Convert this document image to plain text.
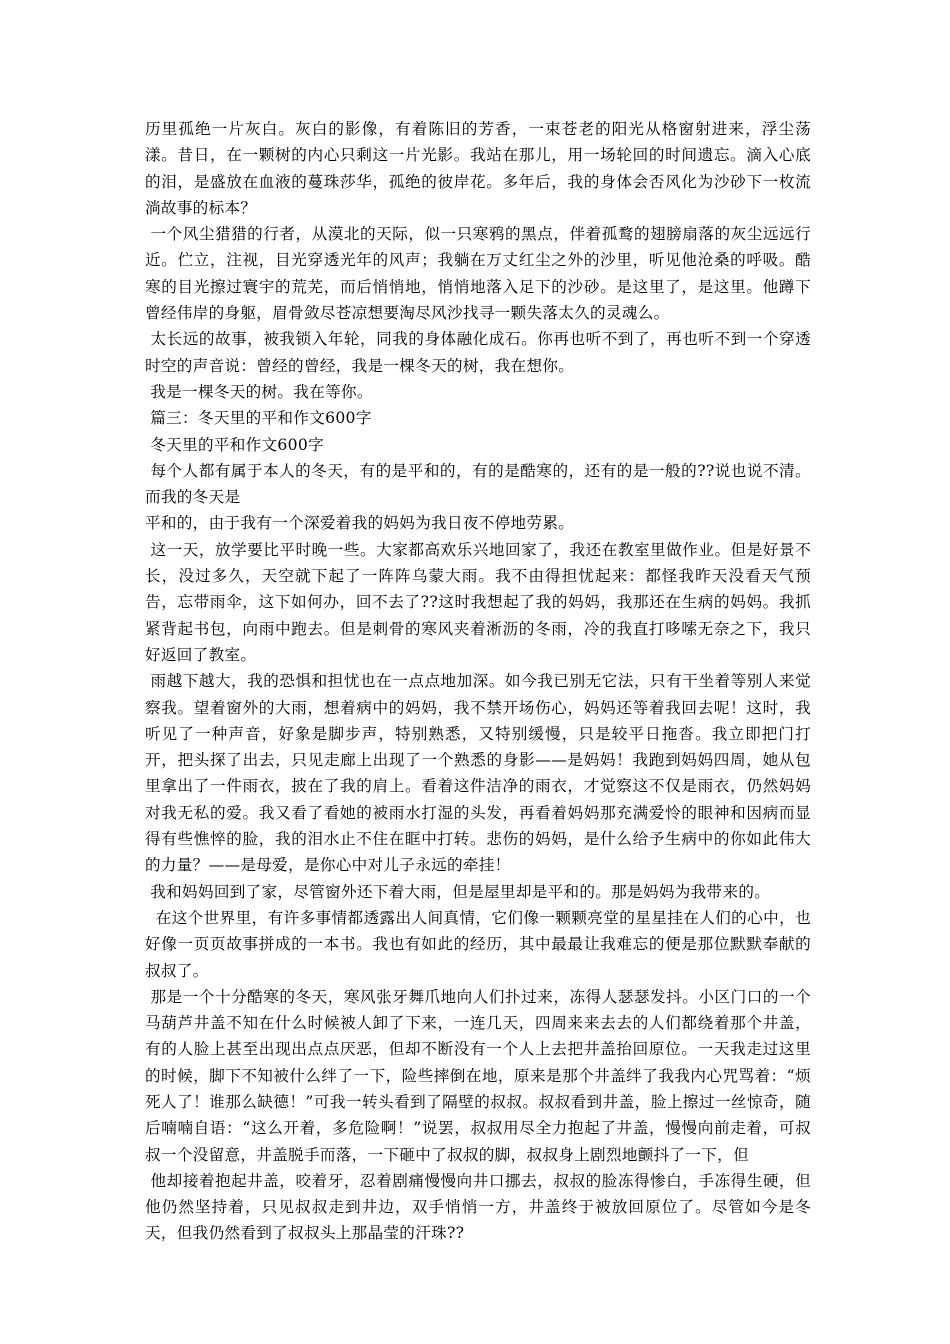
历里孤绝一片灰白。灰白的影像，有着陈旧的芳香，一束苍老的阳光从格窗射进来，浮尘荡漾。昔日，在一颗树的内心只剩这一片光影。我站在那儿，用一场轮回的时间遗忘。滴入心底的泪，是盛放在血液的蔓珠莎华，孤绝的彼岸花。多年后，我的身体会否风化为沙砂下一枚流淌故事的标本？

一个风尘猎猎的行者，从漠北的天际，似一只寒鸦的黑点，伴着孤鹜的翅膀扇落的灰尘远远行近。伫立，注视，目光穿透光年的风声；我躺在万丈红尘之外的沙里，听见他沧桑的呼吸。酷寒的目光擦过寰宇的荒芜，而后悄悄地，悄悄地落入足下的沙砂。是这里了，是这里。他蹲下曾经伟岸的身躯，眉骨敛尽苍凉想要淘尽风沙找寻一颗失落太久的灵魂么。

太长远的故事，被我锁入年轮，同我的身体融化成石。你再也听不到了，再也听不到一个穿透时空的声音说：曾经的曾经，我是一棵冬天的树，我在想你。

我是一棵冬天的树。我在等你。

篇三：冬天里的平和作文600字

冬天里的平和作文600字

每个人都有属于本人的冬天，有的是平和的，有的是酷寒的，还有的是一般的??说也说不清。而我的冬天是

平和的，由于我有一个深爱着我的妈妈为我日夜不停地劳累。

这一天，放学要比平时晚一些。大家都高欢乐兴地回家了，我还在教室里做作业。但是好景不长，没过多久，天空就下起了一阵阵乌蒙大雨。我不由得担忧起来：都怪我昨天没看天气预告，忘带雨伞，这下如何办，回不去了??这时我想起了我的妈妈，我那还在生病的妈妈。我抓紧背起书包，向雨中跑去。但是刺骨的寒风夹着淅沥的冬雨，冷的我直打哆嗦无奈之下，我只好返回了教室。

雨越下越大，我的恐惧和担忧也在一点点地加深。如今我已别无它法，只有干坐着等别人来觉察我。望着窗外的大雨，想着病中的妈妈，我不禁开场伤心，妈妈还等着我回去呢！这时，我听见了一种声音，好象是脚步声，特别熟悉，又特别缓慢，只是较平日拖沓。我立即把门打开，把头探了出去，只见走廊上出现了一个熟悉的身影——是妈妈！我跑到妈妈四周，她从包里拿出了一件雨衣，披在了我的肩上。看着这件洁净的雨衣，才觉察这不仅是雨衣，仍然妈妈对我无私的爱。我又看了看她的被雨水打湿的头发，再看着妈妈那充满爱怜的眼神和因病而显得有些憔悴的脸，我的泪水止不住在眶中打转。悲伤的妈妈，是什么给予生病中的你如此伟大的力量？——是母爱，是你心中对儿子永远的牵挂！

我和妈妈回到了家，尽管窗外还下着大雨，但是屋里却是平和的。那是妈妈为我带来的。

在这个世界里，有许多事情都透露出人间真情，它们像一颗颗亮堂的星星挂在人们的心中，也好像一页页故事拼成的一本书。我也有如此的经历，其中最最让我难忘的便是那位默默奉献的叔叔了。

那是一个十分酷寒的冬天，寒风张牙舞爪地向人们扑过来，冻得人瑟瑟发抖。小区门口的一个马葫芦井盖不知在什么时候被人卸了下来，一连几天，四周来来去去的人们都绕着那个井盖，有的人脸上甚至出现出点点厌恶，但却不断没有一个人上去把井盖抬回原位。一天我走过这里的时候，脚下不知被什么绊了一下，险些摔倒在地，原来是那个井盖绊了我我内心咒骂着：“烦死人了！谁那么缺德！”可我一转头看到了隔壁的叔叔。叔叔看到井盖，脸上擦过一丝惊奇，随后喃喃自语：“这么开着，多危险啊！”说罢，叔叔用尽全力抱起了井盖，慢慢向前走着，可叔叔一个没留意，井盖脱手而落，一下砸中了叔叔的脚，叔叔身上剧烈地颤抖了一下，但

他却接着抱起井盖，咬着牙，忍着剧痛慢慢向井口挪去，叔叔的脸冻得惨白，手冻得生硬，但他仍然坚持着，只见叔叔走到井边，双手悄悄一方，井盖终于被放回原位了。尽管如今是冬天，但我仍然看到了叔叔头上那晶莹的汗珠??
